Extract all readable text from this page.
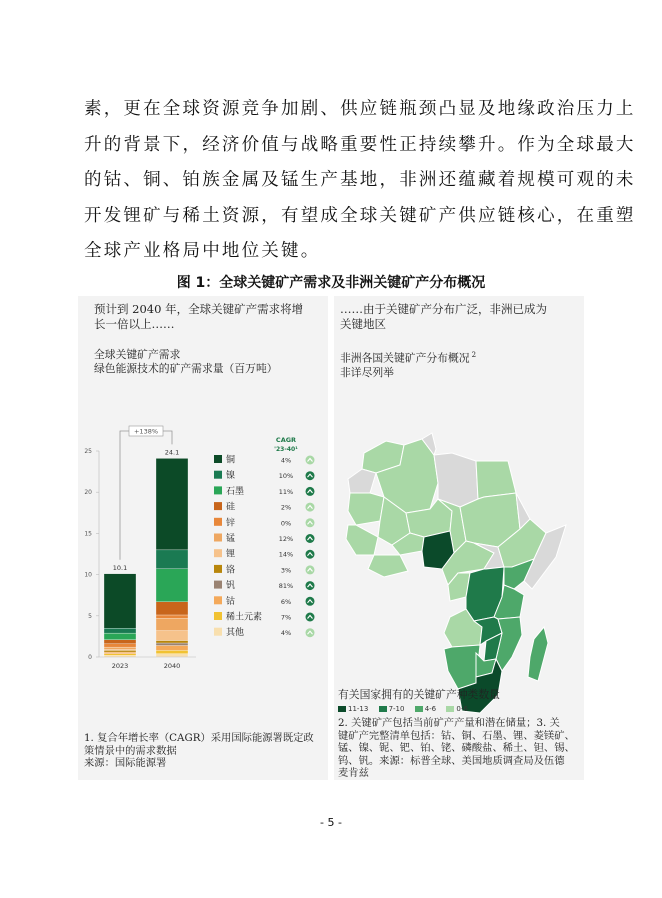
素，更在全球资源竞争加剧、供应链瓶颈凸显及地缘政治压力上
升的背景下，经济价值与战略重要性正持续攀升。作为全球最大
的钴、铜、铂族金属及锰生产基地，非洲还蕴藏着规模可观的未
开发锂矿与稀土资源，有望成全球关键矿产供应链核心，在重塑
全球产业格局中地位关键。
图 1：全球关键矿产需求及非洲关键矿产分布概况
预计到 2040 年，全球关键矿产需求将增
长一倍以上……
全球关键矿产需求
绿色能源技术的矿产需求量（百万吨）
0
5
10
15
20
25
10.1
2023
24.1
2040
+138%
CAGR
'23-40¹
铜	4%
镍	10%
石墨	11%
硅	2%
锌	0%
锰	12%
锂	14%
铬	3%
钒	81%
钴	6%
稀土元素	7%
其他	4%
1. 复合年增长率（CAGR）采用国际能源署既定政
策情景中的需求数据
来源：国际能源署
……由于关键矿产分布广泛，非洲已成为
关键地区
非洲各国关键矿产分布概况 $^2$
非详尽列举
有关国家拥有的关键矿产种类数量
11-13	7-10	4-6	0-6
2. 关键矿产包括当前矿产产量和潜在储量；3. 关
键矿产完整清单包括：钴、铜、石墨、锂、菱镁矿、
锰、镍、铌、钯、铂、铑、磷酸盐、稀土、钽、锡、
钨、钒。来源：标普全球、美国地质调查局及伍德
麦肯兹
- 5 -
